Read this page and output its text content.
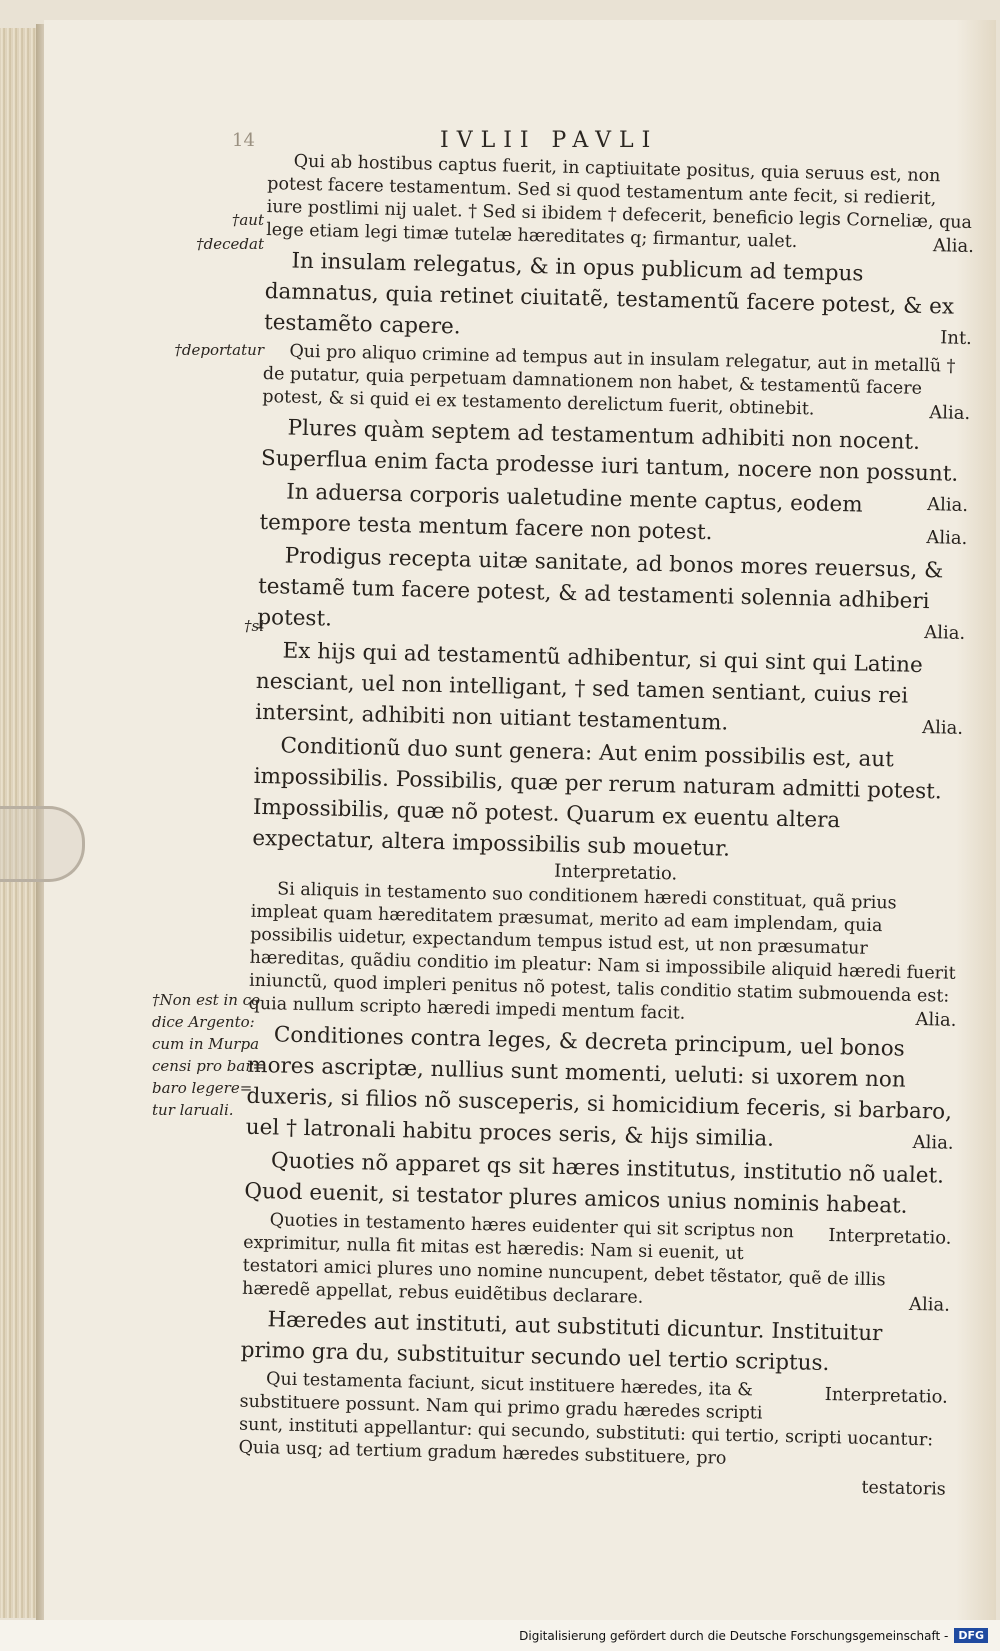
14	IVLII PAVLI
†aut
†decedat
†deportatur
†si
†Non est in co
dice Argento:
cum in Murpa
censi pro bar=
baro legere=
tur laruali.

Qui ab hostibus captus fuerit, in captiuitate positus, quia seruus est, non potest facere testamentum. Sed si quod testamentum ante fecit, si redierit, iure postlimi nij ualet. † Sed si ibidem † defecerit, beneficio legis Corneliæ, qua lege etiam legi timæ tutelæ hæreditates q; firmantur, ualet.	Alia.

In insulam relegatus, & in opus publicum ad tempus damnatus, quia retinet ciuitatẽ, testamentũ facere potest, & ex testamẽto capere.	Int.

Qui pro aliquo crimine ad tempus aut in insulam relegatur, aut in metallũ † de putatur, quia perpetuam damnationem non habet, & testamentũ facere potest, & si quid ei ex testamento derelictum fuerit, obtinebit.	Alia.

Plures quàm septem ad testamentum adhibiti non nocent. Superflua enim facta prodesse iuri tantum, nocere non possunt.
Alia.

In aduersa corporis ualetudine mente captus, eodem tempore testa mentum facere non potest.	Alia.

Prodigus recepta uitæ sanitate, ad bonos mores reuersus, & testamẽ tum facere potest, & ad testamenti solennia adhiberi potest.
Alia.

Ex hijs qui ad testamentũ adhibentur, si qui sint qui Latine nesciant, uel non intelligant, † sed tamen sentiant, cuius rei intersint, adhibiti non uitiant testamentum.	Alia.

Conditionũ duo sunt genera: Aut enim possibilis est, aut impossibilis. Possibilis, quæ per rerum naturam admitti potest. Impossibilis, quæ nõ potest. Quarum ex euentu altera expectatur, altera impossibilis sub mouetur.
Interpretatio.

Si aliquis in testamento suo conditionem hæredi constituat, quã prius impleat quam hæreditatem præsumat, merito ad eam implendam, quia possibilis uidetur, expectandum tempus istud est, ut non præsumatur hæreditas, quãdiu conditio im pleatur: Nam si impossibile aliquid hæredi fuerit iniunctũ, quod impleri penitus nõ potest, talis conditio statim submouenda est: quia nullum scripto hæredi impedi mentum facit.	Alia.

Conditiones contra leges, & decreta principum, uel bonos mores ascriptæ, nullius sunt momenti, ueluti: si uxorem non duxeris, si filios nõ susceperis, si homicidium feceris, si barbaro, uel † latronali habitu proces seris, & hijs similia.	Alia.

Quoties nõ apparet qs sit hæres institutus, institutio nõ ualet. Quod euenit, si testator plures amicos unius nominis habeat.
Interpretatio.

Quoties in testamento hæres euidenter qui sit scriptus non exprimitur, nulla fit mitas est hæredis: Nam si euenit, ut testatori amici plures uno nomine nuncupent, debet tẽstator, quẽ de illis hæredẽ appellat, rebus euidẽtibus declarare.	Alia.

Hæredes aut instituti, aut substituti dicuntur. Instituitur primo gra du, substituitur secundo uel tertio scriptus.
Interpretatio.

Qui testamenta faciunt, sicut instituere hæredes, ita & substituere possunt. Nam qui primo gradu hæredes scripti sunt, instituti appellantur: qui secundo, substituti: qui tertio, scripti uocantur: Quia usq; ad tertium gradum hæredes substituere, pro

testatoris

Digitalisierung gefördert durch die Deutsche Forschungsgemeinschaft - DFG
